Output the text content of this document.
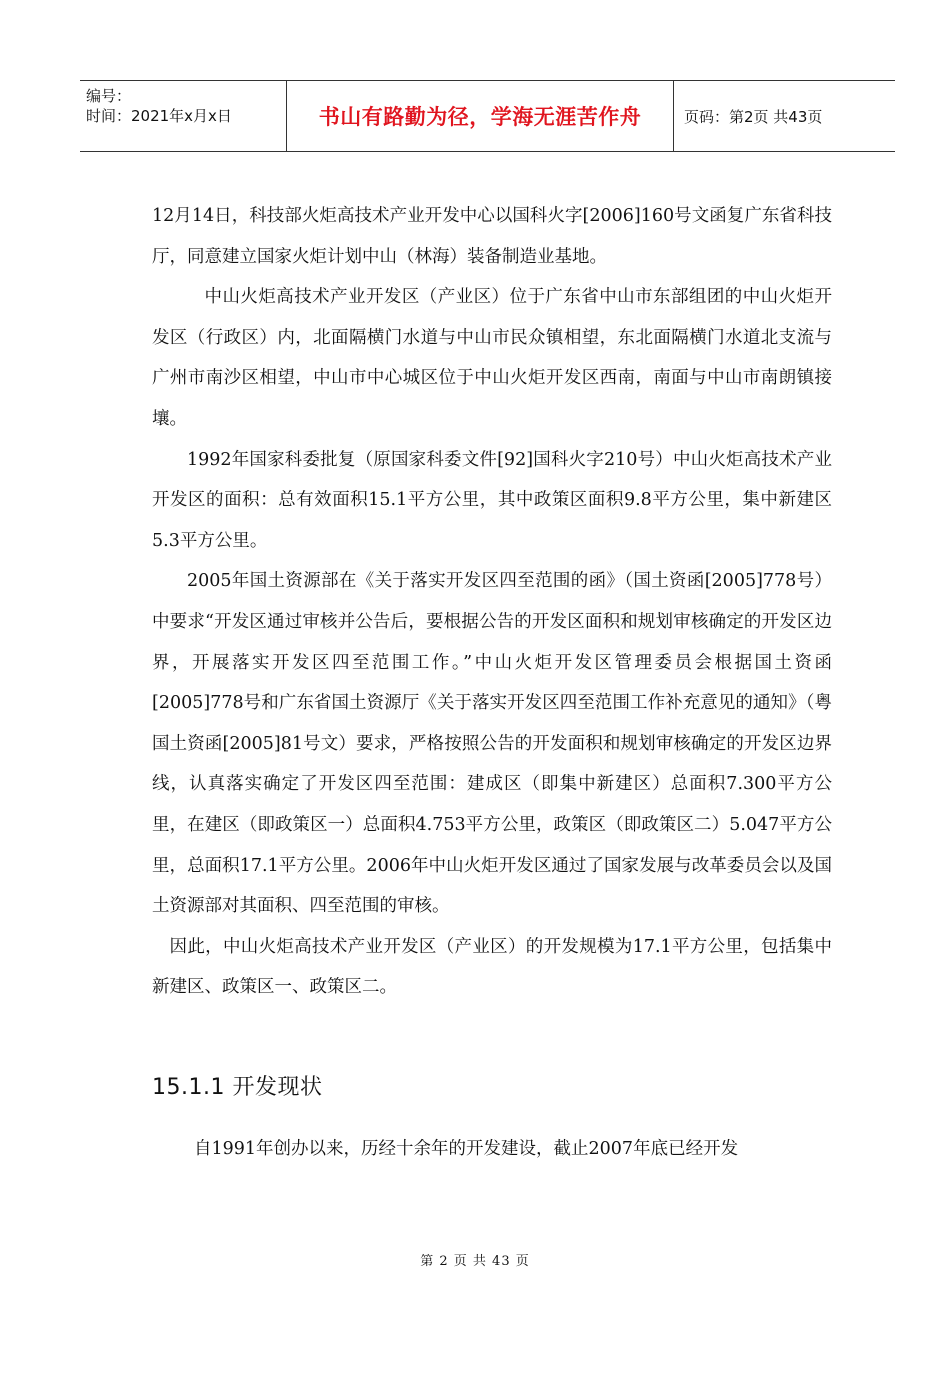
编号：
时间：2021年x月x日	书山有路勤为径，学海无涯苦作舟	页码：第2页 共43页

12月14日，科技部火炬高技术产业开发中心以国科火字[2006]160号文函复广东省科技厅，同意建立国家火炬计划中山（林海）装备制造业基地。

中山火炬高技术产业开发区（产业区）位于广东省中山市东部组团的中山火炬开发区（行政区）内，北面隔横门水道与中山市民众镇相望，东北面隔横门水道北支流与广州市南沙区相望，中山市中心城区位于中山火炬开发区西南，南面与中山市南朗镇接壤。

1992年国家科委批复（原国家科委文件[92]国科火字210号）中山火炬高技术产业开发区的面积：总有效面积15.1平方公里，其中政策区面积9.8平方公里，集中新建区5.3平方公里。

2005年国土资源部在《关于落实开发区四至范围的函》（国土资函[2005]778号）中要求“开发区通过审核并公告后，要根据公告的开发区面积和规划审核确定的开发区边界，开展落实开发区四至范围工作。”中山火炬开发区管理委员会根据国土资函[2005]778号和广东省国土资源厅《关于落实开发区四至范围工作补充意见的通知》（粤国土资函[2005]81号文）要求，严格按照公告的开发面积和规划审核确定的开发区边界线，认真落实确定了开发区四至范围：建成区（即集中新建区）总面积7.300平方公里，在建区（即政策区一）总面积4.753平方公里，政策区（即政策区二）5.047平方公里，总面积17.1平方公里。2006年中山火炬开发区通过了国家发展与改革委员会以及国土资源部对其面积、四至范围的审核。

因此，中山火炬高技术产业开发区（产业区）的开发规模为17.1平方公里，包括集中新建区、政策区一、政策区二。

15.1.1 开发现状
自1991年创办以来，历经十余年的开发建设，截止2007年底已经开发
第 2 页 共 43 页
